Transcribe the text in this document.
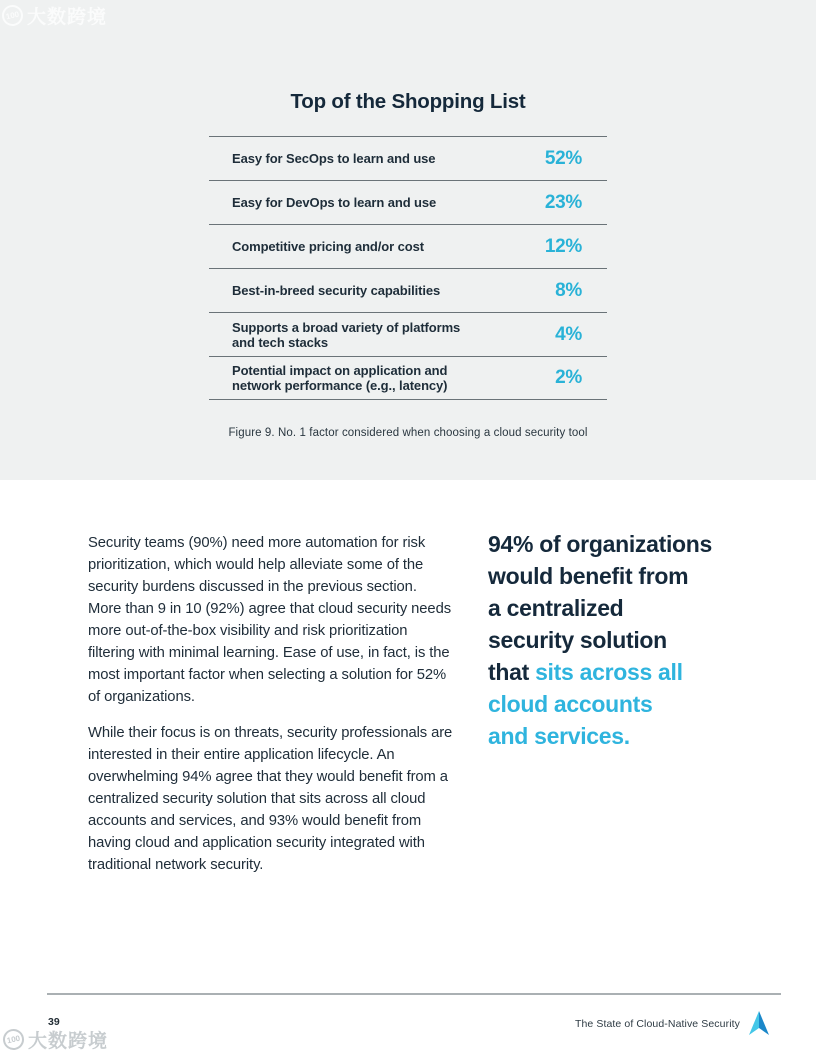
100 大数跨境
Top of the Shopping List
Easy for SecOps to learn and use	52%
Easy for DevOps to learn and use	23%
Competitive pricing and/or cost	12%
Best-in-breed security capabilities	8%
Supports a broad variety of platforms and tech stacks	4%
Potential impact on application and network performance (e.g., latency)	2%
Figure 9. No. 1 factor considered when choosing a cloud security tool

Security teams (90%) need more automation for risk prioritization, which would help alleviate some of the security burdens discussed in the previous section. More than 9 in 10 (92%) agree that cloud security needs more out-of-the-box visibility and risk prioritization filtering with minimal learning. Ease of use, in fact, is the most important factor when selecting a solution for 52% of organizations.

While their focus is on threats, security professionals are interested in their entire application lifecycle. An overwhelming 94% agree that they would benefit from a centralized security solution that sits across all cloud accounts and services, and 93% would benefit from having cloud and application security integrated with traditional network security.

94% of organizations
would benefit from
a centralized
security solution
that sits across all
cloud accounts
and services.
39	The State of Cloud-Native Security
100 大数跨境
